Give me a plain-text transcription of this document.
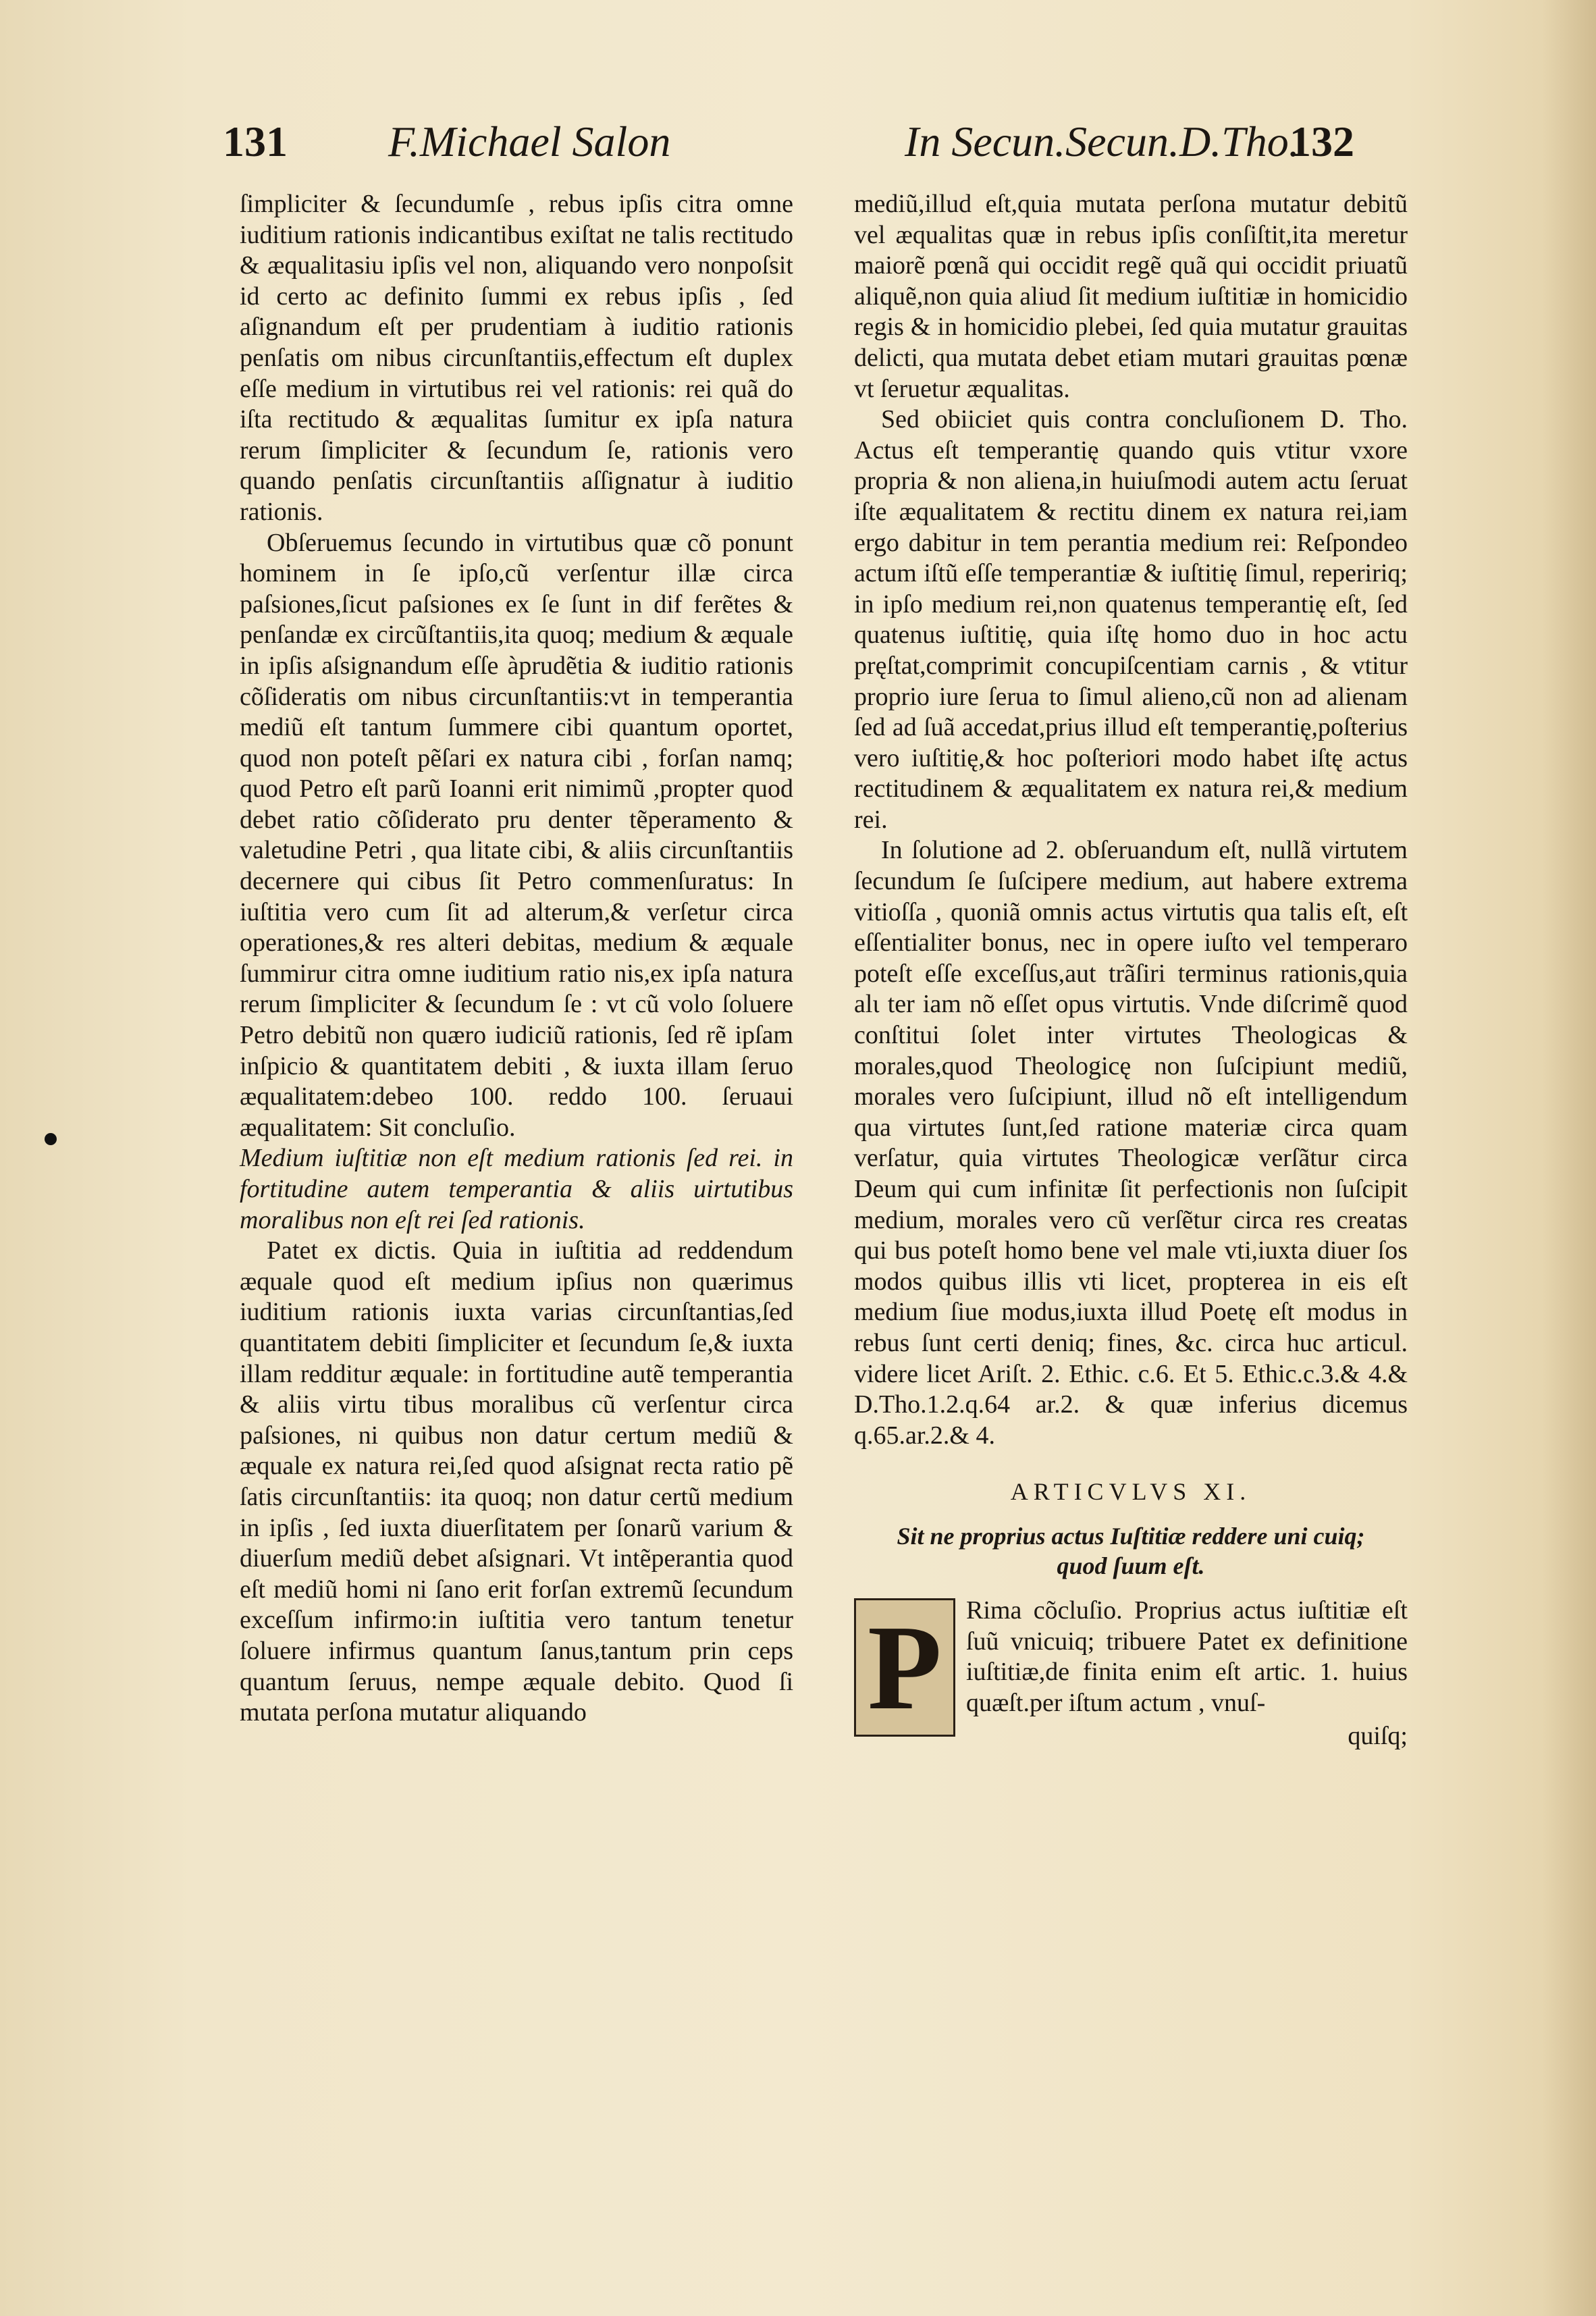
131 F.Michael Salon	In Secun.Secun.D.Tho.
132

ſimpliciter & ſecundumſe , rebus ipſis citra omne iuditium rationis indicantibus exiſtat ne talis rectitudo & æqualitasiu ipſis vel non, aliquando vero nonpoſsit id certo ac definito ſummi ex rebus ipſis , ſed aſignandum eſt per prudentiam à iuditio rationis penſatis om nibus circunſtantiis,effectum eſt duplex eſſe medium in virtutibus rei vel rationis: rei quã do iſta rectitudo & æqualitas ſumitur ex ipſa natura rerum ſimpliciter & ſecundum ſe, rationis vero quando penſatis circunſtantiis aſſignatur à iuditio rationis.

Obſeruemus ſecundo in virtutibus quæ cõ ponunt hominem in ſe ipſo,cũ verſentur illæ circa paſsiones,ſicut paſsiones ex ſe ſunt in dif ferẽtes & penſandæ ex circũſtantiis,ita quoq; medium & æquale in ipſis aſsignandum eſſe àprudẽtia & iuditio rationis cõſideratis om nibus circunſtantiis:vt in temperantia mediũ eſt tantum ſummere cibi quantum oportet, quod non poteſt pẽſari ex natura cibi , forſan namq; quod Petro eſt parũ Ioanni erit nimimũ ,propter quod debet ratio cõſiderato pru denter tẽperamento & valetudine Petri , qua litate cibi, & aliis circunſtantiis decernere qui cibus ſit Petro commenſuratus: In iuſtitia vero cum ſit ad alterum,& verſetur circa operationes,& res alteri debitas, medium & æquale ſummirur citra omne iuditium ratio nis,ex ipſa natura rerum ſimpliciter & ſecundum ſe : vt cũ volo ſoluere Petro debitũ non quæro iudiciũ rationis, ſed rẽ ipſam inſpicio & quantitatem debiti , & iuxta illam ſeruo æqualitatem:debeo 100. reddo 100. ſeruaui æqualitatem: Sit concluſio.

Medium iuſtitiæ non eſt medium rationis ſed rei. in fortitudine autem temperantia & aliis uirtutibus moralibus non eſt rei ſed rationis.

Patet ex dictis. Quia in iuſtitia ad reddendum æquale quod eſt medium ipſius non quærimus iuditium rationis iuxta varias circunſtantias,ſed quantitatem debiti ſimpliciter et ſecundum ſe,& iuxta illam redditur æquale: in fortitudine autẽ temperantia & aliis virtu tibus moralibus cũ verſentur circa paſsiones, ni quibus non datur certum mediũ & æquale ex natura rei,ſed quod aſsignat recta ratio pẽ ſatis circunſtantiis: ita quoq; non datur certũ medium in ipſis , ſed iuxta diuerſitatem per ſonarũ varium & diuerſum mediũ debet aſsignari. Vt intẽperantia quod eſt mediũ homi ni ſano erit forſan extremũ ſecundum exceſſum infirmo:in iuſtitia vero tantum tenetur ſoluere infirmus quantum ſanus,tantum prin ceps quantum ſeruus, nempe æquale debito. Quod ſi mutata perſona mutatur aliquando

mediũ,illud eſt,quia mutata perſona mutatur debitũ vel æqualitas quæ in rebus ipſis conſiſtit,ita meretur maiorẽ pœnã qui occidit regẽ quã qui occidit priuatũ aliquẽ,non quia aliud ſit medium iuſtitiæ in homicidio regis & in homicidio plebei, ſed quia mutatur grauitas delicti, qua mutata debet etiam mutari grauitas pœnæ vt ſeruetur æqualitas.

Sed obiiciet quis contra concluſionem D. Tho. Actus eſt temperantię quando quis vtitur vxore propria & non aliena,in huiuſmodi autem actu ſeruat iſte æqualitatem & rectitu dinem ex natura rei,iam ergo dabitur in tem perantia medium rei: Reſpondeo actum iſtũ eſſe temperantiæ & iuſtitię ſimul, repeririq; in ipſo medium rei,non quatenus temperantię eſt, ſed quatenus iuſtitię, quia iſtę homo duo in hoc actu pręſtat,comprimit concupiſcentiam carnis , & vtitur proprio iure ſerua to ſimul alieno,cũ non ad alienam ſed ad ſuã accedat,prius illud eſt temperantię,poſterius vero iuſtitię,& hoc poſteriori modo habet iſtę actus rectitudinem & æqualitatem ex natura rei,& medium rei.

In ſolutione ad 2. obſeruandum eſt, nullã virtutem ſecundum ſe ſuſcipere medium, aut habere extrema vitioſſa , quoniã omnis actus virtutis qua talis eſt, eſt eſſentialiter bonus, nec in opere iuſto vel temperaro poteſt eſſe exceſſus,aut trãſiri terminus rationis,quia alι ter iam nõ eſſet opus virtutis. Vnde diſcrimẽ quod conſtitui ſolet inter virtutes Theologicas & morales,quod Theologicę non ſuſcipiunt mediũ, morales vero ſuſcipiunt, illud nõ eſt intelligendum qua virtutes ſunt,ſed ratione materiæ circa quam verſatur, quia virtutes Theologicæ verſãtur circa Deum qui cum infinitæ ſit perfectionis non ſuſcipit medium, morales vero cũ verſẽtur circa res creatas qui bus poteſt homo bene vel male vti,iuxta diuer ſos modos quibus illis vti licet, propterea in eis eſt medium ſiue modus,iuxta illud Poetę eſt modus in rebus ſunt certi deniq; fines, &c. circa huc articul. videre licet Ariſt. 2. Ethic. c.6. Et 5. Ethic.c.3.& 4.& D.Tho.1.2.q.64 ar.2. & quæ inferius dicemus q.65.ar.2.& 4.

ARTICVLVS XI.
Sit ne proprius actus Iuſtitiæ reddere uni cuiq; quod ſuum eſt.

P Rima cõcluſio. Proprius actus iuſtitiæ eſt ſuũ vnicuiq; tribuere Patet ex definitione iuſtitiæ,de finita enim eſt artic. 1. huius quæſt.per iſtum actum , vnuſ-

quiſq;
